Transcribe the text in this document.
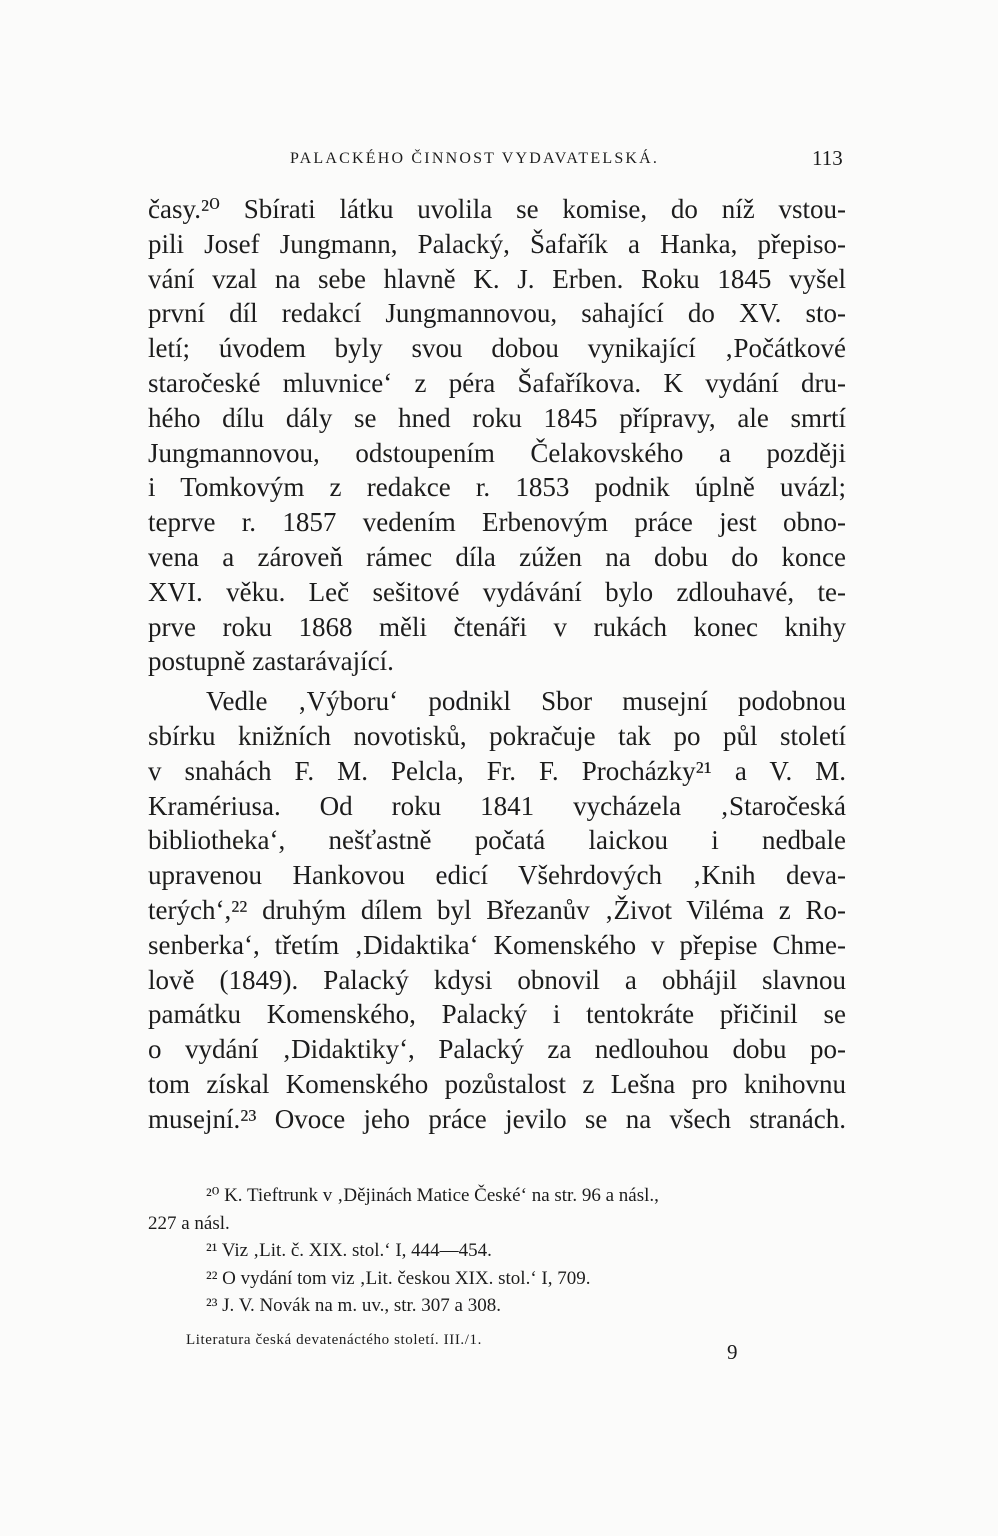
PALACKÉHO ČINNOST VYDAVATELSKÁ.	113
časy.²⁰ Sbírati látku uvolila se komise, do níž vstou-
pili Josef Jungmann, Palacký, Šafařík a Hanka, přepiso-
vání vzal na sebe hlavně K. J. Erben. Roku 1845 vyšel
první díl redakcí Jungmannovou, sahající do XV. sto-
letí; úvodem byly svou dobou vynikající ‚Počátkové
staročeské mluvnice‘ z péra Šafaříkova. K vydání dru-
hého dílu dály se hned roku 1845 přípravy, ale smrtí
Jungmannovou, odstoupením Čelakovského a později
i Tomkovým z redakce r. 1853 podnik úplně uvázl;
teprve r. 1857 vedením Erbenovým práce jest obno-
vena a zároveň rámec díla zúžen na dobu do konce
XVI. věku. Leč sešitové vydávání bylo zdlouhavé, te-
prve roku 1868 měli čtenáři v rukách konec knihy
postupně zastarávající.
Vedle ‚Výboru‘ podnikl Sbor musejní podobnou
sbírku knižních novotisků, pokračuje tak po půl století
v snahách F. M. Pelcla, Fr. F. Procházky²¹ a V. M.
Kramériusa. Od roku 1841 vycházela ‚Staročeská
bibliotheka‘, nešťastně počatá laickou i nedbale
upravenou Hankovou edicí Všehrdových ‚Knih deva-
terých‘,²² druhým dílem byl Březanův ‚Život Viléma z Ro-
senberka‘, třetím ‚Didaktika‘ Komenského v přepise Chme-
lově (1849). Palacký kdysi obnovil a obhájil slavnou
památku Komenského, Palacký i tentokráte přičinil se
o vydání ‚Didaktiky‘, Palacký za nedlouhou dobu po-
tom získal Komenského pozůstalost z Lešna pro knihovnu
musejní.²³ Ovoce jeho práce jevilo se na všech stranách.
²⁰ K. Tieftrunk v ‚Dějinách Matice České‘ na str. 96 a násl.,
227 a násl.
²¹ Viz ‚Lit. č. XIX. stol.‘ I, 444—454.
²² O vydání tom viz ‚Lit. českou XIX. stol.‘ I, 709.
²³ J. V. Novák na m. uv., str. 307 a 308.
Literatura česká devatenáctého století. III./1.	9
